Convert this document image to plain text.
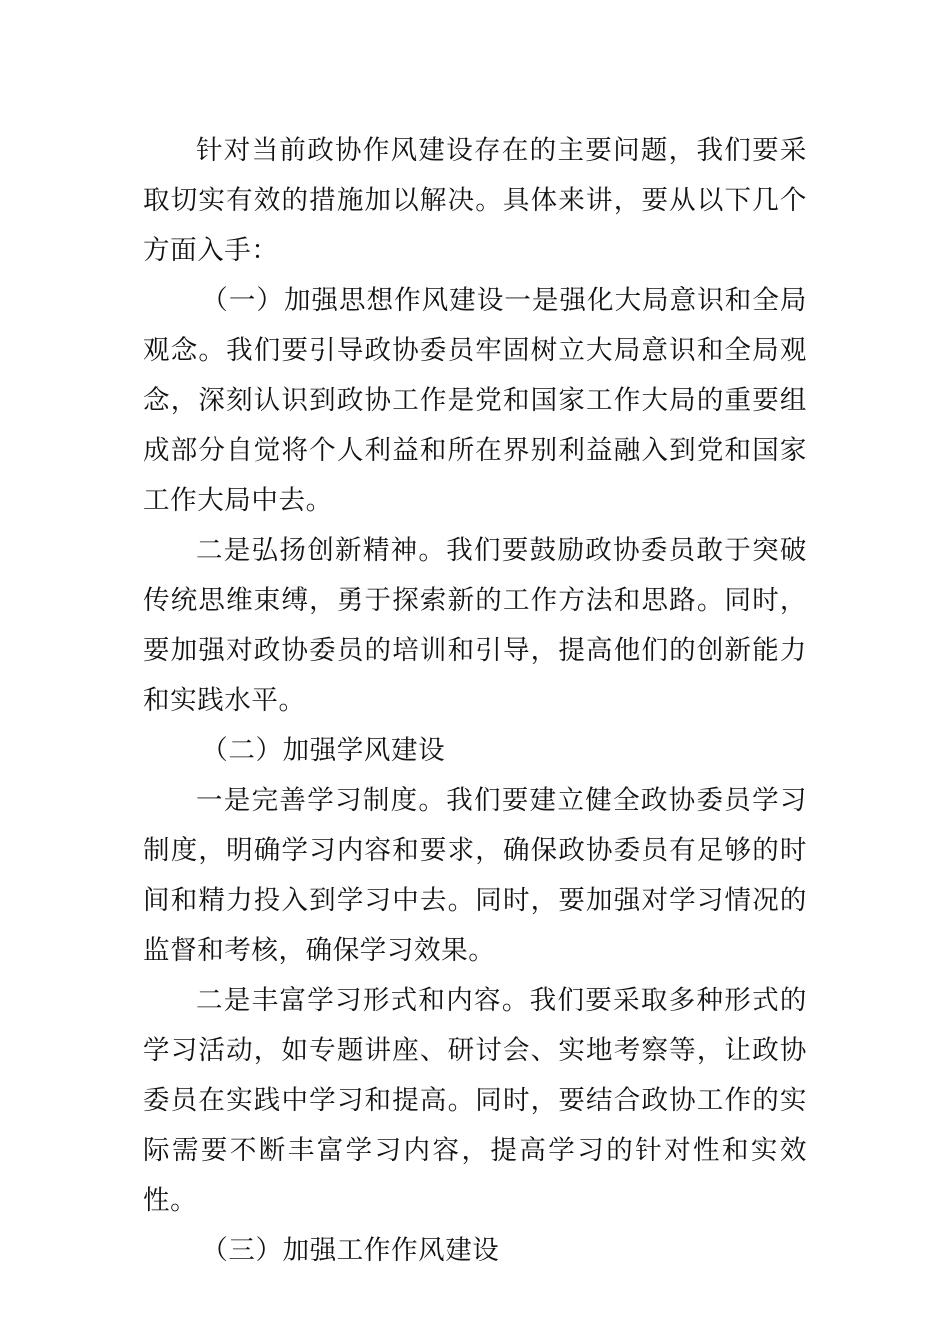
针对当前政协作风建设存在的主要问题，我们要采取切实有效的措施加以解决。具体来讲，要从以下几个方面入手：

（一）加强思想作风建设一是强化大局意识和全局观念。我们要引导政协委员牢固树立大局意识和全局观念，深刻认识到政协工作是党和国家工作大局的重要组成部分自觉将个人利益和所在界别利益融入到党和国家工作大局中去。

二是弘扬创新精神。我们要鼓励政协委员敢于突破传统思维束缚，勇于探索新的工作方法和思路。同时，要加强对政协委员的培训和引导，提高他们的创新能力和实践水平。

（二）加强学风建设

一是完善学习制度。我们要建立健全政协委员学习制度，明确学习内容和要求，确保政协委员有足够的时间和精力投入到学习中去。同时，要加强对学习情况的监督和考核，确保学习效果。

二是丰富学习形式和内容。我们要采取多种形式的学习活动，如专题讲座、研讨会、实地考察等，让政协委员在实践中学习和提高。同时，要结合政协工作的实际需要不断丰富学习内容，提高学习的针对性和实效性。

（三）加强工作作风建设
